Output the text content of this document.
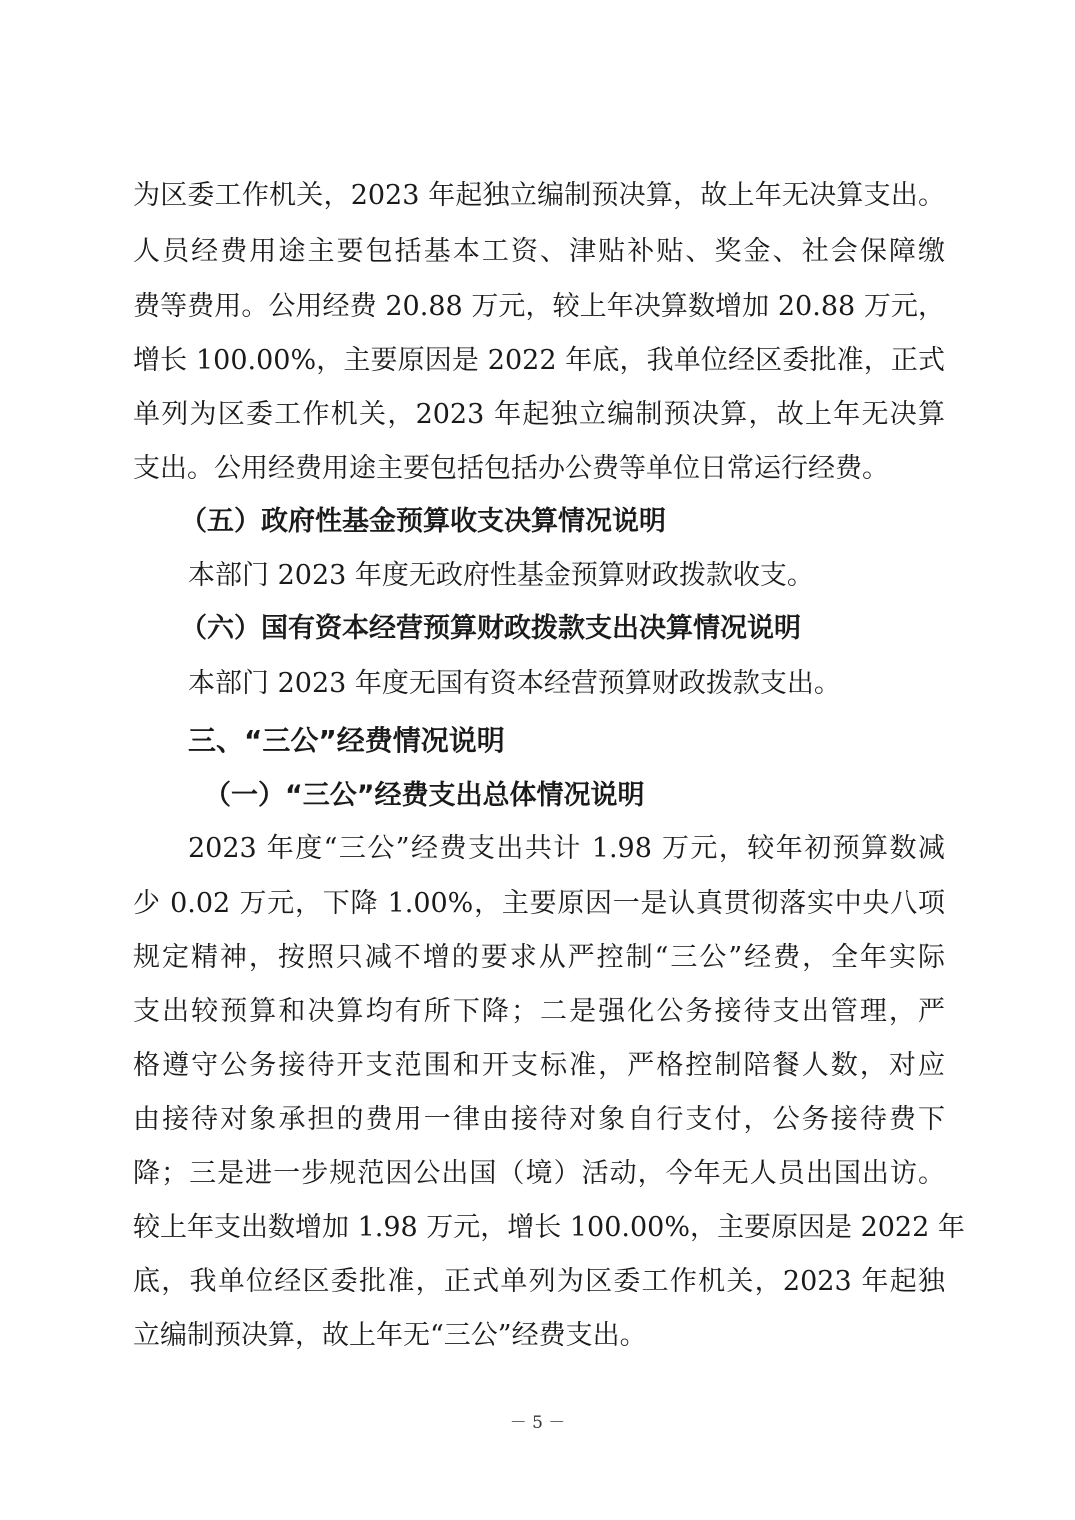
为区委工作机关，2023 年起独立编制预决算，故上年无决算支出。
人员经费用途主要包括基本工资、津贴补贴、奖金、社会保障缴
费等费用。公用经费 20.88 万元，较上年决算数增加 20.88 万元，
增长 100.00%，主要原因是 2022 年底，我单位经区委批准，正式
单列为区委工作机关，2023 年起独立编制预决算，故上年无决算
支出。公用经费用途主要包括包括办公费等单位日常运行经费。
（五）政府性基金预算收支决算情况说明
本部门 2023 年度无政府性基金预算财政拨款收支。
（六）国有资本经营预算财政拨款支出决算情况说明
本部门 2023 年度无国有资本经营预算财政拨款支出。
三、“三公”经费情况说明
（一）“三公”经费支出总体情况说明
2023 年度“三公”经费支出共计 1.98 万元，较年初预算数减
少 0.02 万元，下降 1.00%，主要原因一是认真贯彻落实中央八项
规定精神，按照只减不增的要求从严控制“三公”经费，全年实际
支出较预算和决算均有所下降；二是强化公务接待支出管理，严
格遵守公务接待开支范围和开支标准，严格控制陪餐人数，对应
由接待对象承担的费用一律由接待对象自行支付，公务接待费下
降；三是进一步规范因公出国（境）活动，今年无人员出国出访。
较上年支出数增加 1.98 万元，增长 100.00%，主要原因是 2022 年
底，我单位经区委批准，正式单列为区委工作机关，2023 年起独
立编制预决算，故上年无“三公”经费支出。
－ 5 －
